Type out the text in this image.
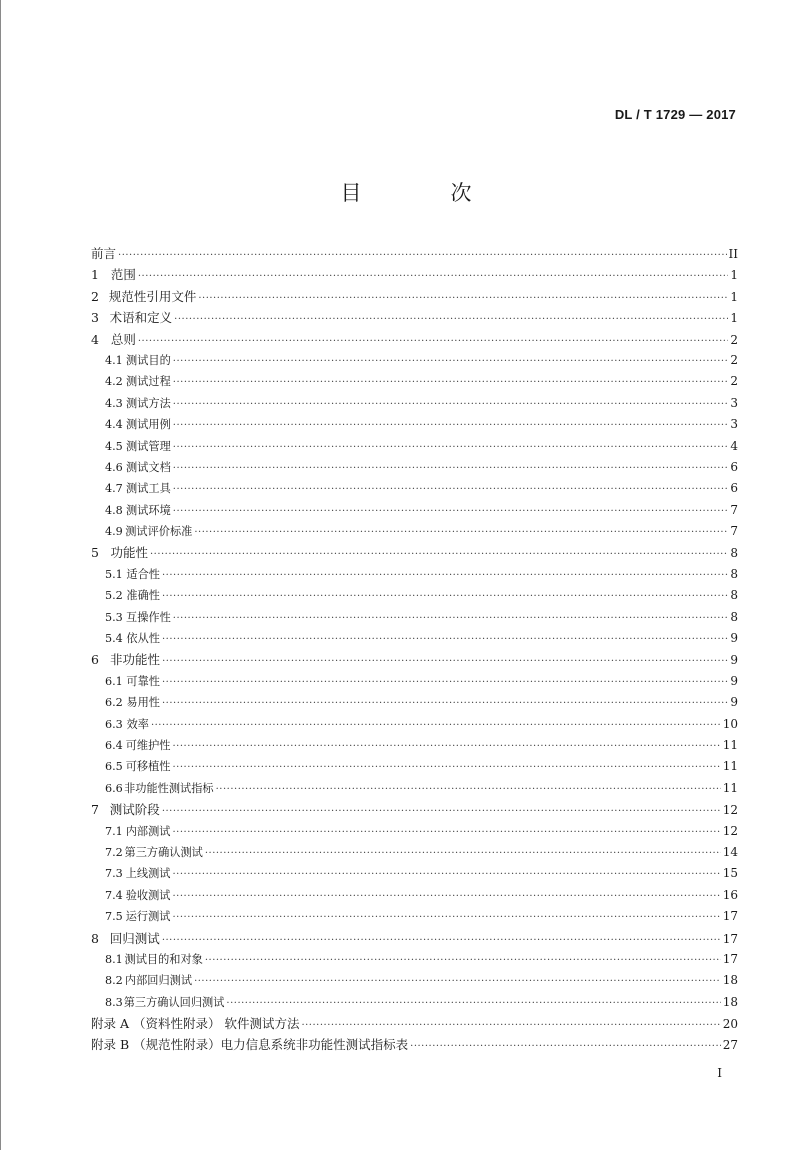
DL / T 1729 — 2017
目　次
前言 ·····	II
1 范围 ·····	1
2 规范性引用文件 ·····	1
3 术语和定义 ·····	1
4 总则 ·····	2
4.1 测试目的 ·····	2
4.2 测试过程 ·····	2
4.3 测试方法 ·····	3
4.4 测试用例 ·····	3
4.5 测试管理 ·····	4
4.6 测试文档 ·····	6
4.7 测试工具 ·····	6
4.8 测试环境 ·····	7
4.9 测试评价标准 ·····	7
5 功能性 ·····	8
5.1 适合性 ·····	8
5.2 准确性 ·····	8
5.3 互操作性 ·····	8
5.4 依从性 ·····	9
6 非功能性 ·····	9
6.1 可靠性 ·····	9
6.2 易用性 ·····	9
6.3 效率 ·····	10
6.4 可维护性 ·····	11
6.5 可移植性 ·····	11
6.6 非功能性测试指标 ·····	11
7 测试阶段 ·····	12
7.1 内部测试 ·····	12
7.2 第三方确认测试 ·····	14
7.3 上线测试 ·····	15
7.4 验收测试 ·····	16
7.5 运行测试 ·····	17
8 回归测试 ·····	17
8.1 测试目的和对象 ·····	17
8.2 内部回归测试 ·····	18
8.3 第三方确认回归测试 ·····	18
附录 A （资料性附录） 软件测试方法 ·····	20
附录 B （规范性附录）电力信息系统非功能性测试指标表 ·····	27
I
